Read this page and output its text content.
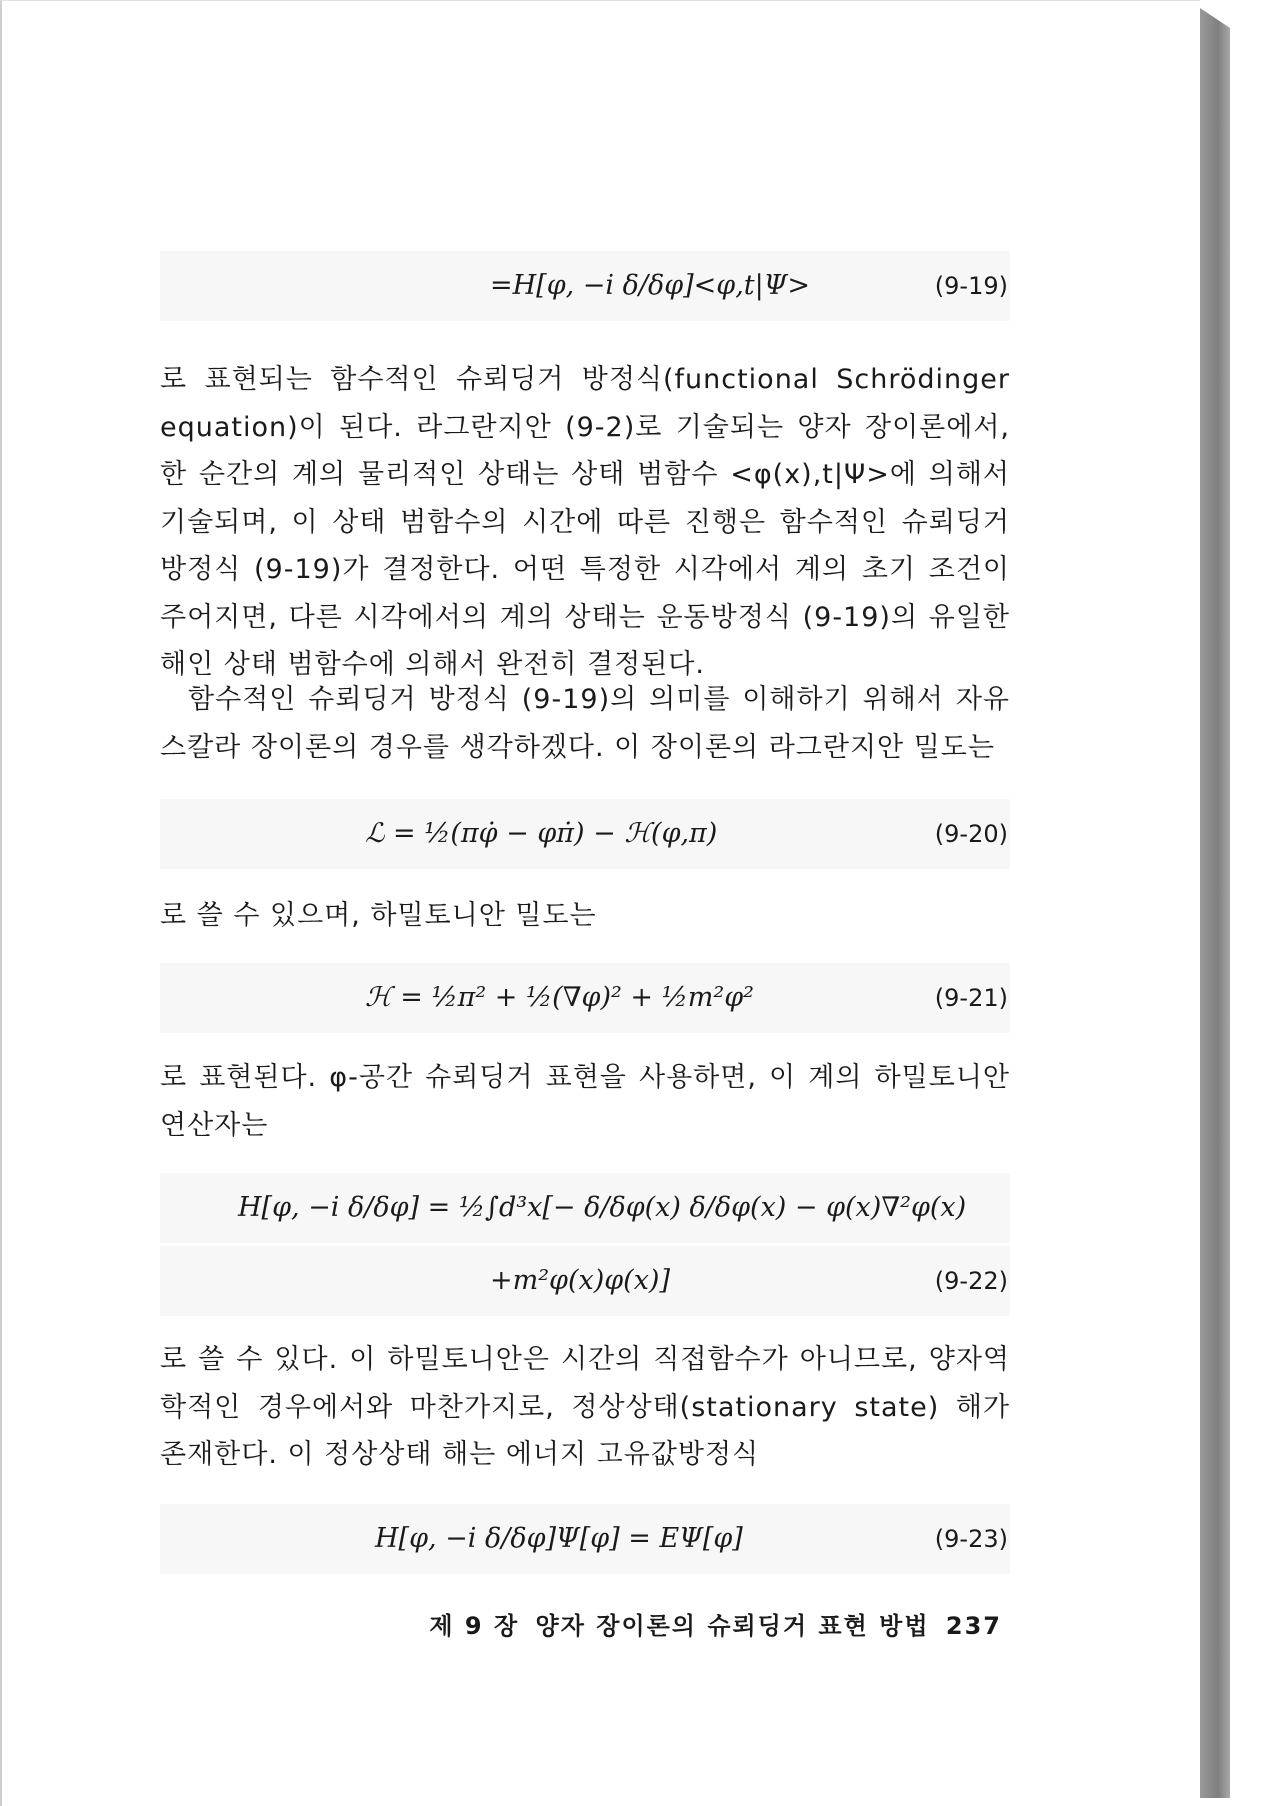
=H[φ, −i δ/δφ]<φ,t|Ψ>	(9-19)
로 표현되는 함수적인 슈뢰딩거 방정식(functional Schrödinger equation)이 된다. 라그란지안 (9-2)로 기술되는 양자 장이론에서, 한 순간의 계의 물리적인 상태는 상태 범함수 <φ(x),t|Ψ>에 의해서 기술되며, 이 상태 범함수의 시간에 따른 진행은 함수적인 슈뢰딩거 방정식 (9-19)가 결정한다. 어떤 특정한 시각에서 계의 초기 조건이 주어지면, 다른 시각에서의 계의 상태는 운동방정식 (9-19)의 유일한 해인 상태 범함수에 의해서 완전히 결정된다.
함수적인 슈뢰딩거 방정식 (9-19)의 의미를 이해하기 위해서 자유 스칼라 장이론의 경우를 생각하겠다. 이 장이론의 라그란지안 밀도는
ℒ = ½(πφ̇ − φπ̇) − ℋ(φ,π)	(9-20)
로 쓸 수 있으며, 하밀토니안 밀도는
ℋ = ½π² + ½(∇φ)² + ½m²φ²	(9-21)
로 표현된다. φ-공간 슈뢰딩거 표현을 사용하면, 이 계의 하밀토니안 연산자는
H[φ, −i δ/δφ] = ½∫d³x[− δ/δφ(x) δ/δφ(x) − φ(x)∇²φ(x)
+m²φ(x)φ(x)]	(9-22)
로 쓸 수 있다. 이 하밀토니안은 시간의 직접함수가 아니므로, 양자역학적인 경우에서와 마찬가지로, 정상상태(stationary state) 해가 존재한다. 이 정상상태 해는 에너지 고유값방정식
H[φ, −i δ/δφ]Ψ[φ] = EΨ[φ]	(9-23)
제 9 장 양자 장이론의 슈뢰딩거 표현 방법 237
